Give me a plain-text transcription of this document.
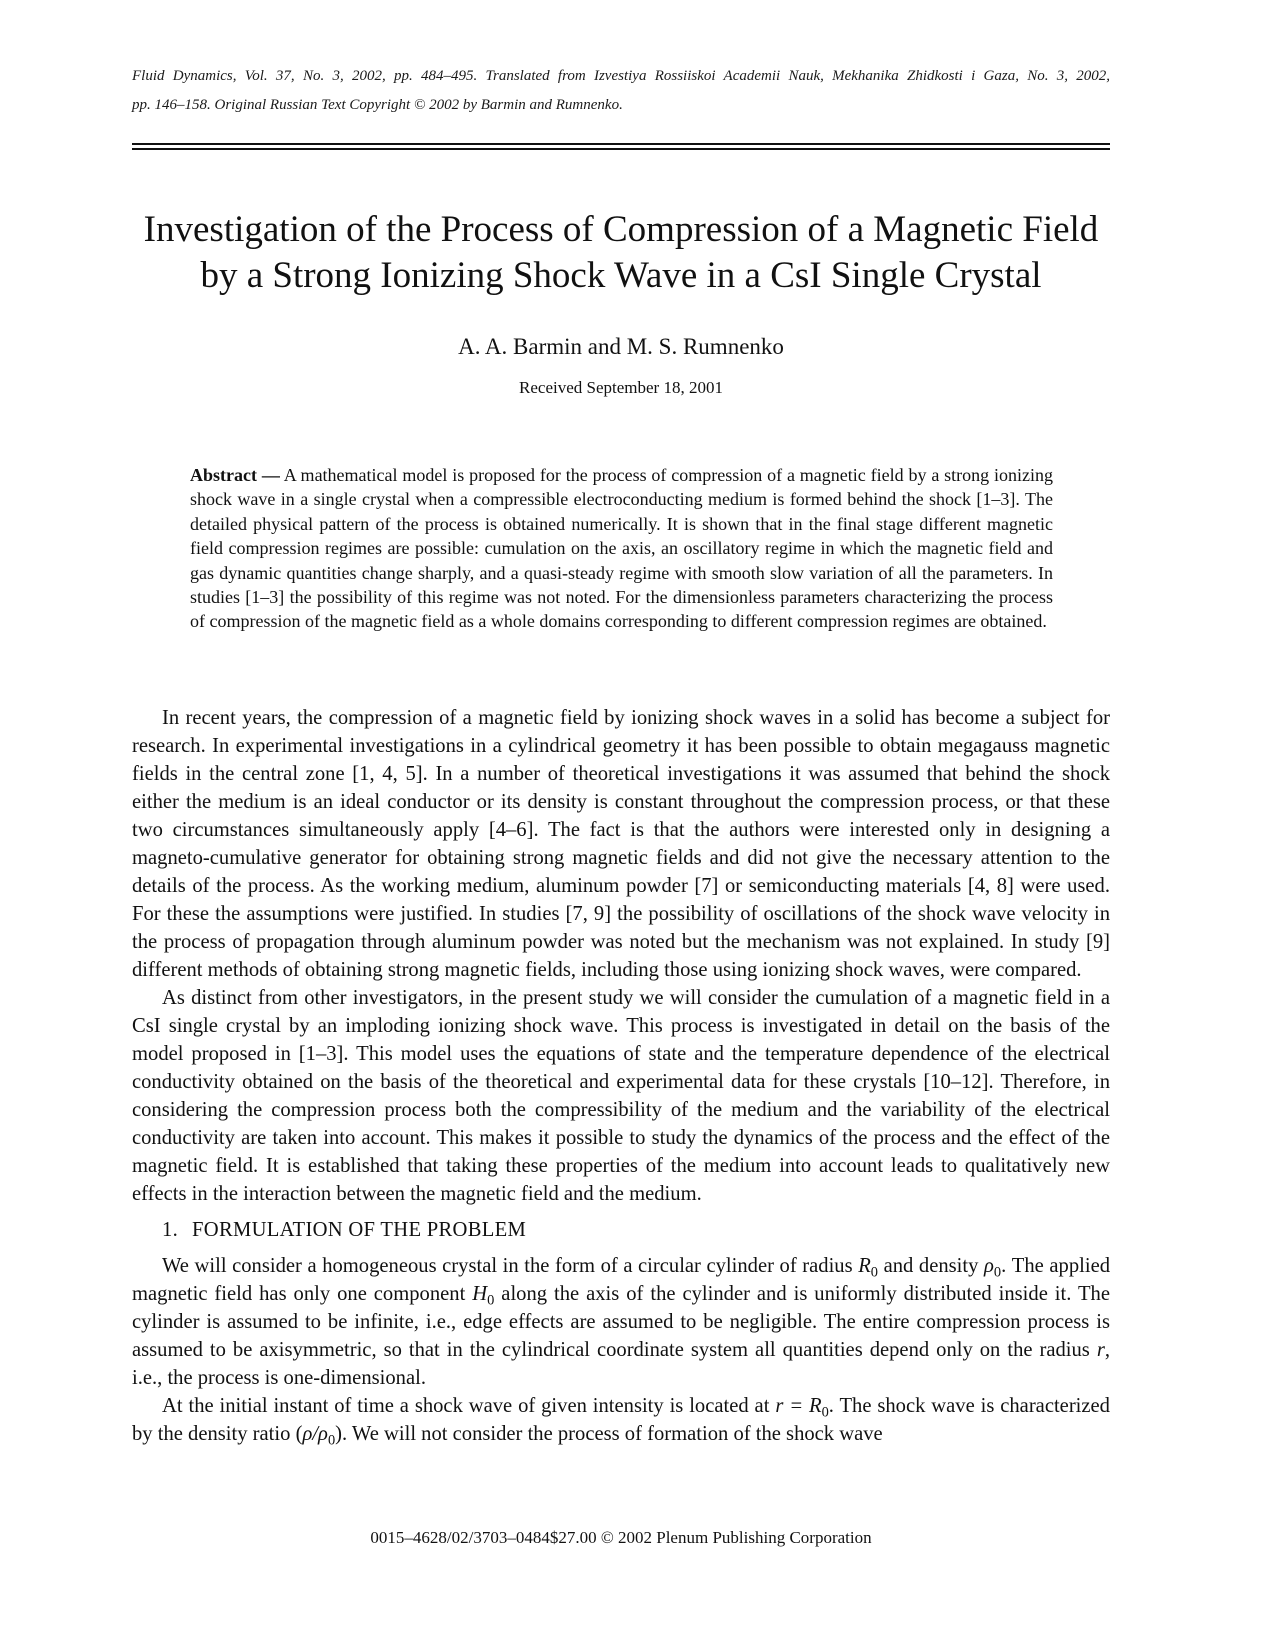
Fluid Dynamics, Vol. 37, No. 3, 2002, pp. 484–495. Translated from Izvestiya Rossiiskoi Academii Nauk, Mekhanika Zhidkosti i Gaza, No. 3, 2002,
pp. 146–158. Original Russian Text Copyright © 2002 by Barmin and Rumnenko.
Investigation of the Process of Compression of a Magnetic Field
by a Strong Ionizing Shock Wave in a CsI Single Crystal
A. A. Barmin and M. S. Rumnenko
Received September 18, 2001
Abstract — A mathematical model is proposed for the process of compression of a magnetic field by a strong ionizing shock wave in a single crystal when a compressible electroconducting medium is formed behind the shock [1–3]. The detailed physical pattern of the process is obtained numerically. It is shown that in the final stage different magnetic field compression regimes are possible: cumulation on the axis, an oscillatory regime in which the magnetic field and gas dynamic quantities change sharply, and a quasi-steady regime with smooth slow variation of all the parameters. In studies [1–3] the possibility of this regime was not noted. For the dimensionless parameters characterizing the process of compression of the magnetic field as a whole domains corresponding to different compression regimes are obtained.

In recent years, the compression of a magnetic field by ionizing shock waves in a solid has become a subject for research. In experimental investigations in a cylindrical geometry it has been possible to obtain megagauss magnetic fields in the central zone [1, 4, 5]. In a number of theoretical investigations it was assumed that behind the shock either the medium is an ideal conductor or its density is constant throughout the compression process, or that these two circumstances simultaneously apply [4–6]. The fact is that the authors were interested only in designing a magneto-cumulative generator for obtaining strong magnetic fields and did not give the necessary attention to the details of the process. As the working medium, aluminum powder [7] or semiconducting materials [4, 8] were used. For these the assumptions were justified. In studies [7, 9] the possibility of oscillations of the shock wave velocity in the process of propagation through aluminum powder was noted but the mechanism was not explained. In study [9] different methods of obtaining strong magnetic fields, including those using ionizing shock waves, were compared.

As distinct from other investigators, in the present study we will consider the cumulation of a magnetic field in a CsI single crystal by an imploding ionizing shock wave. This process is investigated in detail on the basis of the model proposed in [1–3]. This model uses the equations of state and the temperature dependence of the electrical conductivity obtained on the basis of the theoretical and experimental data for these crystals [10–12]. Therefore, in considering the compression process both the compressibility of the medium and the variability of the electrical conductivity are taken into account. This makes it possible to study the dynamics of the process and the effect of the magnetic field. It is established that taking these properties of the medium into account leads to qualitatively new effects in the interaction between the magnetic field and the medium.

1. FORMULATION OF THE PROBLEM

We will consider a homogeneous crystal in the form of a circular cylinder of radius $R_0$ and density $\rho_0$. The applied magnetic field has only one component $H_0$ along the axis of the cylinder and is uniformly distributed inside it. The cylinder is assumed to be infinite, i.e., edge effects are assumed to be negligible. The entire compression process is assumed to be axisymmetric, so that in the cylindrical coordinate system all quantities depend only on the radius r, i.e., the process is one-dimensional.

At the initial instant of time a shock wave of given intensity is located at $r = R_0$. The shock wave is characterized by the density ratio $(\rho/\rho_0)$. We will not consider the process of formation of the shock wave

0015–4628/02/3703–0484$27.00 © 2002 Plenum Publishing Corporation
